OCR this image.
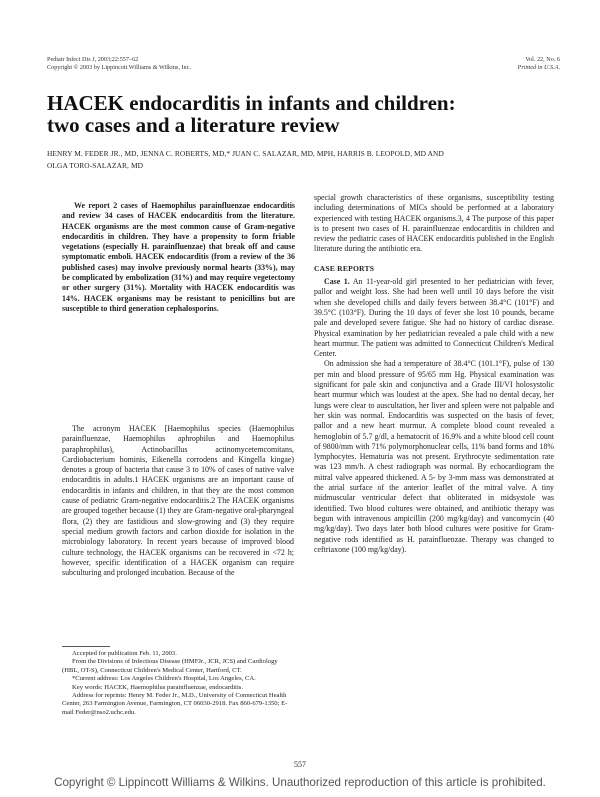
Pediatr Infect Dis J, 2003;22:557–62
Copyright © 2003 by Lippincott Williams & Wilkins, Inc.
Vol. 22, No. 6
Printed in U.S.A.
HACEK endocarditis in infants and children:
two cases and a literature review
HENRY M. FEDER JR., MD, JENNA C. ROBERTS, MD,* JUAN C. SALAZAR, MD, MPH, HARRIS B. LEOPOLD, MD AND
OLGA TORO-SALAZAR, MD

We report 2 cases of Haemophilus parainfluenzae endocarditis and review 34 cases of HACEK endocarditis from the literature. HACEK organisms are the most common cause of Gram-negative endocarditis in children. They have a propensity to form friable vegetations (especially H. parainfluenzae) that break off and cause symptomatic emboli. HACEK endocarditis (from a review of the 36 published cases) may involve previously normal hearts (33%), may be complicated by embolization (31%) and may require vegetectomy or other surgery (31%). Mortality with HACEK endocarditis was 14%. HACEK organisms may be resistant to penicillins but are susceptible to third generation cephalosporins.

The acronym HACEK [Haemophilus species (Haemophilus parainfluenzae, Haemophilus aphrophilus and Haemophilus paraphrophilus), Actinobacillus actinomycetemcomitans, Cardiobacterium hominis, Eikenella corrodens and Kingella kingae) denotes a group of bacteria that cause 3 to 10% of cases of native valve endocarditis in adults.1 HACEK organisms are an important cause of endocarditis in infants and children, in that they are the most common cause of pediatric Gram-negative endocarditis.2 The HACEK organisms are grouped together because (1) they are Gram-negative oral-pharyngeal flora, (2) they are fastidious and slow-growing and (3) they require special medium growth factors and carbon dioxide for isolation in the microbiology laboratory. In recent years because of improved blood culture technology, the HACEK organisms can be recovered in <72 h; however, specific identification of a HACEK organism can require subculturing and prolonged incubation. Because of the

Accepted for publication Feb. 11, 2003.

From the Divisions of Infectious Disease (HMFJr., JCR, JCS) and Cardiology (HBL, OT-S), Connecticut Children's Medical Center, Hartford, CT.

*Current address: Los Angeles Children's Hospital, Los Angeles, CA.

Key words: HACEK, Haemophilus parainfluenzae, endocarditis.

Address for reprints: Henry M. Feder Jr., M.D., University of Connecticut Health Center, 263 Farmington Avenue, Farmington, CT 06030-2918. Fax 860-679-1350; E-mail Feder@nso2.uchc.edu.

special growth characteristics of these organisms, susceptibility testing including determinations of MICs should be performed at a laboratory experienced with testing HACEK organisms.3, 4 The purpose of this paper is to present two cases of H. parainfluenzae endocarditis in children and review the pediatric cases of HACEK endocarditis published in the English literature during the antibiotic era.

CASE REPORTS

Case 1. An 11-year-old girl presented to her pediatrician with fever, pallor and weight loss. She had been well until 10 days before the visit when she developed chills and daily fevers between 38.4°C (101°F) and 39.5°C (103°F). During the 10 days of fever she lost 10 pounds, became pale and developed severe fatigue. She had no history of cardiac disease. Physical examination by her pediatrician revealed a pale child with a new heart murmur. The patient was admitted to Connecticut Children's Medical Center.

On admission she had a temperature of 38.4°C (101.1°F), pulse of 130 per min and blood pressure of 95/65 mm Hg. Physical examination was significant for pale skin and conjunctiva and a Grade III/VI holosystolic heart murmur which was loudest at the apex. She had no dental decay, her lungs were clear to auscultation, her liver and spleen were not palpable and her skin was normal. Endocarditis was suspected on the basis of fever, pallor and a new heart murmur. A complete blood count revealed a hemoglobin of 5.7 g/dl, a hematocrit of 16.9% and a white blood cell count of 9800/mm with 71% polymorphonuclear cells, 11% band forms and 18% lymphocytes. Hematuria was not present. Erythrocyte sedimentation rate was 123 mm/h. A chest radiograph was normal. By echocardiogram the mitral valve appeared thickened. A 5- by 3-mm mass was demonstrated at the atrial surface of the anterior leaflet of the mitral valve. A tiny midmuscular ventricular defect that obliterated in midsystole was identified. Two blood cultures were obtained, and antibiotic therapy was begun with intravenous ampicillin (200 mg/kg/day) and vancomycin (40 mg/kg/day). Two days later both blood cultures were positive for Gram-negative rods identified as H. parainfluenzae. Therapy was changed to ceftriaxone (100 mg/kg/day).

557
Copyright © Lippincott Williams & Wilkins. Unauthorized reproduction of this article is prohibited.
